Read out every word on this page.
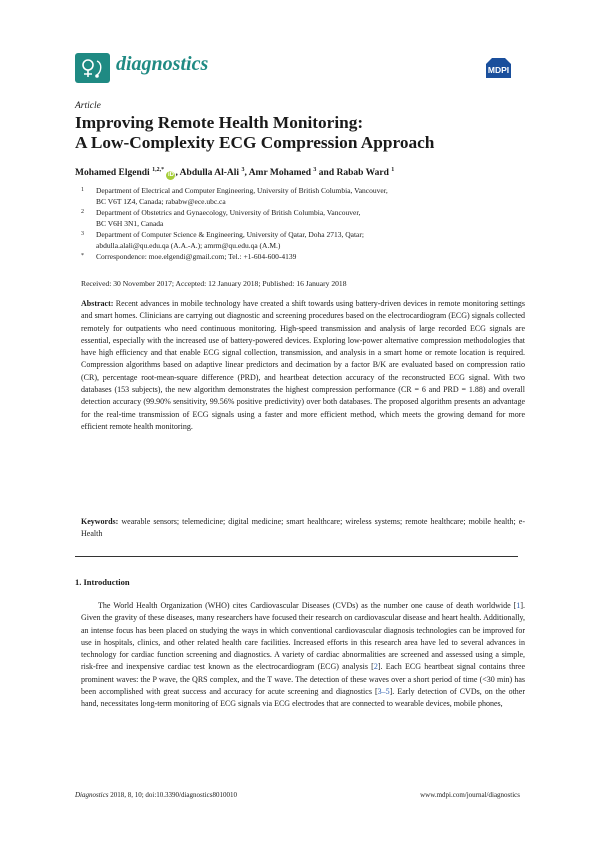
diagnostics	MDPI
Article
Improving Remote Health Monitoring:
A Low-Complexity ECG Compression Approach
Mohamed Elgendi $^{1,2,*}$ iD , Abdulla Al-Ali $^3$, Amr Mohamed $^3$ and Rabab Ward $^1$
1 Department of Electrical and Computer Engineering, University of British Columbia, Vancouver,
BC V6T 1Z4, Canada; rababw@ece.ubc.ca
2 Department of Obstetrics and Gynaecology, University of British Columbia, Vancouver,
BC V6H 3N1, Canada
3 Department of Computer Science & Engineering, University of Qatar, Doha 2713, Qatar;
abdulla.alali@qu.edu.qa (A.A.-A.); amrm@qu.edu.qa (A.M.)
* Correspondence: moe.elgendi@gmail.com; Tel.: +1-604-600-4139
Received: 30 November 2017; Accepted: 12 January 2018; Published: 16 January 2018
Abstract: Recent advances in mobile technology have created a shift towards using battery-driven devices in remote monitoring settings and smart homes. Clinicians are carrying out diagnostic and screening procedures based on the electrocardiogram (ECG) signals collected remotely for outpatients who need continuous monitoring. High-speed transmission and analysis of large recorded ECG signals are essential, especially with the increased use of battery-powered devices. Exploring low-power alternative compression methodologies that have high efficiency and that enable ECG signal collection, transmission, and analysis in a smart home or remote location is required. Compression algorithms based on adaptive linear predictors and decimation by a factor B/K are evaluated based on compression ratio (CR), percentage root-mean-square difference (PRD), and heartbeat detection accuracy of the reconstructed ECG signal. With two databases (153 subjects), the new algorithm demonstrates the highest compression performance (CR = 6 and PRD = 1.88) and overall detection accuracy (99.90% sensitivity, 99.56% positive predictivity) over both databases. The proposed algorithm presents an advantage for the real-time transmission of ECG signals using a faster and more efficient method, which meets the growing demand for more efficient remote health monitoring.
Keywords: wearable sensors; telemedicine; digital medicine; smart healthcare; wireless systems; remote healthcare; mobile health; e-Health
1. Introduction
The World Health Organization (WHO) cites Cardiovascular Diseases (CVDs) as the number one cause of death worldwide [1]. Given the gravity of these diseases, many researchers have focused their research on cardiovascular disease and heart health. Additionally, an intense focus has been placed on studying the ways in which conventional cardiovascular diagnosis technologies can be improved for use in hospitals, clinics, and other related health care facilities. Increased efforts in this research area have led to several advances in technology for cardiac function screening and diagnostics. A variety of cardiac abnormalities are screened and assessed using a simple, risk-free and inexpensive cardiac test known as the electrocardiogram (ECG) analysis [2]. Each ECG heartbeat signal contains three prominent waves: the P wave, the QRS complex, and the T wave. The detection of these waves over a short period of time (<30 min) has been accomplished with great success and accuracy for acute screening and diagnostics [3–5]. Early detection of CVDs, on the other hand, necessitates long-term monitoring of ECG signals via ECG electrodes that are connected to wearable devices, mobile phones,
Diagnostics 2018, 8, 10; doi:10.3390/diagnostics8010010	www.mdpi.com/journal/diagnostics
